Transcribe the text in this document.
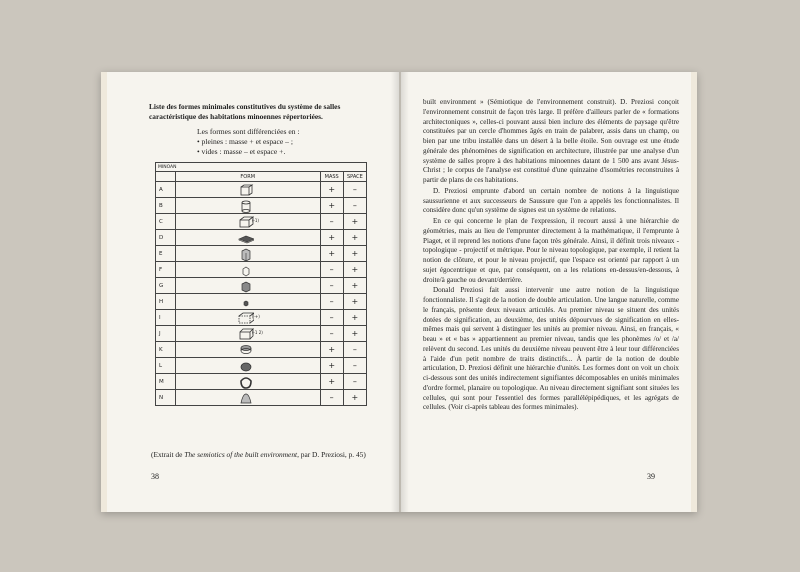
Liste des formes minimales constitutives du système de salles caractéristique des habitations minoennes répertoriées.
Les formes sont différenciées en :
• pleines : masse + et espace – ;
• vides : masse – et espace +.
MINOAN			
	FORM	MASS	SPACE
A		+	–
B		+	–
C	(-1)	–	+
D		+	+
E		+	+
F		–	+
G		–	+
H		–	+
I	(-+)	–	+
J	(-1 2)	–	+
K		+	–
L		+	–
M		+	–
N		–	+
(Extrait de The semiotics of the built environment, par D. Preziosi, p. 45)
38

built environment » (Sémiotique de l'environnement construit). D. Preziosi conçoit l'environnement construit de façon très large. Il préfère d'ailleurs parler de « formations architectoniques », celles-ci pouvant aussi bien inclure des éléments de paysage qu'être constituées par un cercle d'hommes âgés en train de palabrer, assis dans un champ, ou bien par une tribu installée dans un désert à la belle étoile. Son ouvrage est une étude générale des phénomènes de signification en architecture, illustrée par une analyse d'un système de salles propre à des habitations minoennes datant de 1 500 ans avant Jésus-Christ ; le corpus de l'analyse est constitué d'une quinzaine d'isométries reconstruites à partir de plans de ces habitations.

D. Preziosi emprunte d'abord un certain nombre de notions à la linguistique saussurienne et aux successeurs de Saussure que l'on a appelés les fonctionnalistes. Il considère donc qu'un système de signes est un système de relations.

En ce qui concerne le plan de l'expression, il recourt aussi à une hiérarchie de géométries, mais au lieu de l'emprunter directement à la mathématique, il l'emprunte à Piaget, et il reprend les notions d'une façon très générale. Ainsi, il définit trois niveaux - topologique - projectif et métrique. Pour le niveau topologique, par exemple, il retient la notion de clôture, et pour le niveau projectif, que l'espace est orienté par rapport à un sujet égocentrique et que, par conséquent, on a les relations en-dessus/en-dessous, à droite/à gauche ou devant/derrière.

Donald Preziosi fait aussi intervenir une autre notion de la linguistique fonctionnaliste. Il s'agit de la notion de double articulation. Une langue naturelle, comme le français, présente deux niveaux articulés. Au premier niveau se situent des unités dotées de signification, au deuxième, des unités dépourvues de signification en elles-mêmes mais qui servent à distinguer les unités au premier niveau. Ainsi, en français, « beau » et « bas » appartiennent au premier niveau, tandis que les phonèmes /o/ et /a/ relèvent du second. Les unités du deuxième niveau peuvent être à leur tour différenciées à l'aide d'un petit nombre de traits distinctifs... À partir de la notion de double articulation, D. Preziosi définit une hiérarchie d'unités. Les formes dont on voit un choix ci-dessous sont des unités indirectement signifiantes décomposables en unités minimales d'ordre formel, planaire ou topologique. Au niveau directement signifiant sont situées les cellules, qui sont pour l'essentiel des formes parallélépipédiques, et les agrégats de cellules. (Voir ci-après tableau des formes minimales).

39
